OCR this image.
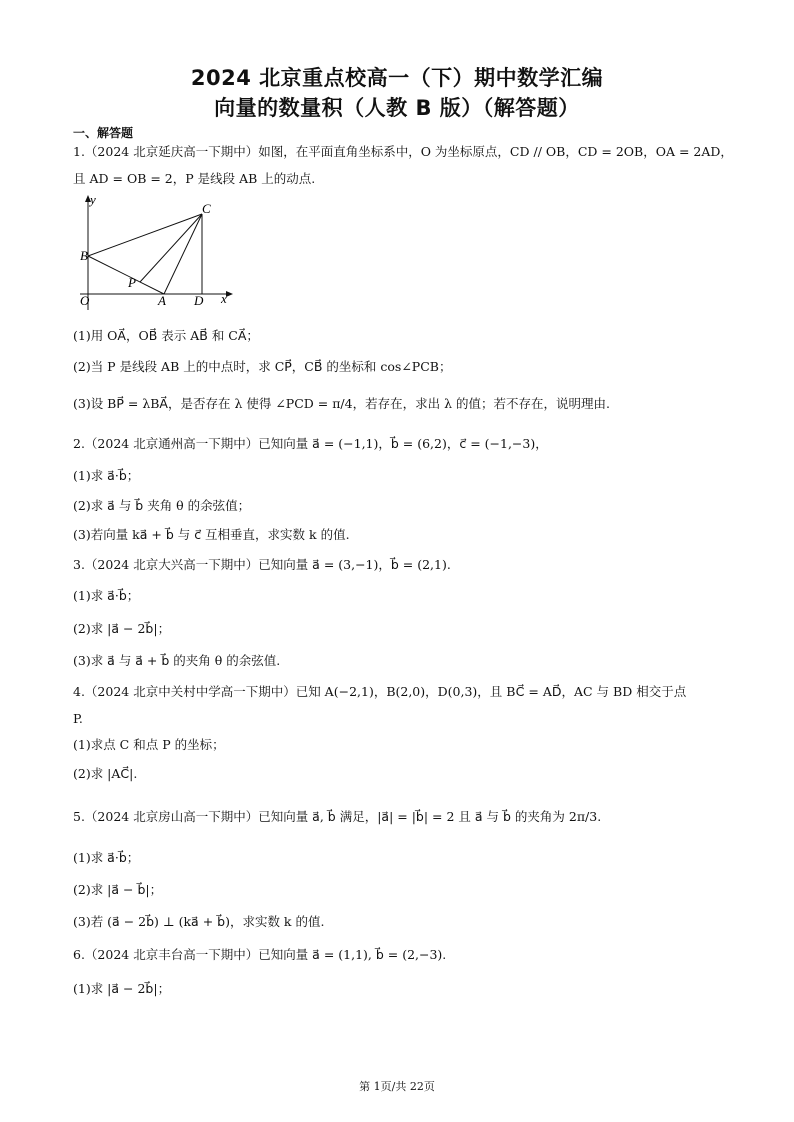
2024 北京重点校高一（下）期中数学汇编
向量的数量积（人教 B 版）（解答题）
一、解答题
1.（2024 北京延庆高一下期中）如图，在平面直角坐标系中，O 为坐标原点，CD // OB，CD = 2OB，OA = 2AD，
且 AD = OB = 2，P 是线段 AB 上的动点.
y
x
O
B
C
P
A D
(1)用 OA⃗，OB⃗ 表示 AB⃗ 和 CA⃗；
(2)当 P 是线段 AB 上的中点时，求 CP⃗，CB⃗ 的坐标和 cos∠PCB；
(3)设 BP⃗ = λBA⃗，是否存在 λ 使得 ∠PCD = π/4，若存在，求出 λ 的值；若不存在，说明理由.
2.（2024 北京通州高一下期中）已知向量 a⃗ = (−1,1)，b⃗ = (6,2)，c⃗ = (−1,−3)，
(1)求 a⃗·b⃗；
(2)求 a⃗ 与 b⃗ 夹角 θ 的余弦值；
(3)若向量 ka⃗ + b⃗ 与 c⃗ 互相垂直，求实数 k 的值.
3.（2024 北京大兴高一下期中）已知向量 a⃗ = (3,−1)，b⃗ = (2,1).
(1)求 a⃗·b⃗；
(2)求 |a⃗ − 2b⃗|；
(3)求 a⃗ 与 a⃗ + b⃗ 的夹角 θ 的余弦值.
4.（2024 北京中关村中学高一下期中）已知 A(−2,1)，B(2,0)，D(0,3)，且 BC⃗ = AD⃗，AC 与 BD 相交于点
P.
(1)求点 C 和点 P 的坐标；
(2)求 |AC⃗|.
5.（2024 北京房山高一下期中）已知向量 a⃗, b⃗ 满足，|a⃗| = |b⃗| = 2 且 a⃗ 与 b⃗ 的夹角为 2π/3.
(1)求 a⃗·b⃗；
(2)求 |a⃗ − b⃗|；
(3)若 (a⃗ − 2b⃗) ⊥ (ka⃗ + b⃗)，求实数 k 的值.
6.（2024 北京丰台高一下期中）已知向量 a⃗ = (1,1), b⃗ = (2,−3).
(1)求 |a⃗ − 2b⃗|；
第 1页/共 22页
